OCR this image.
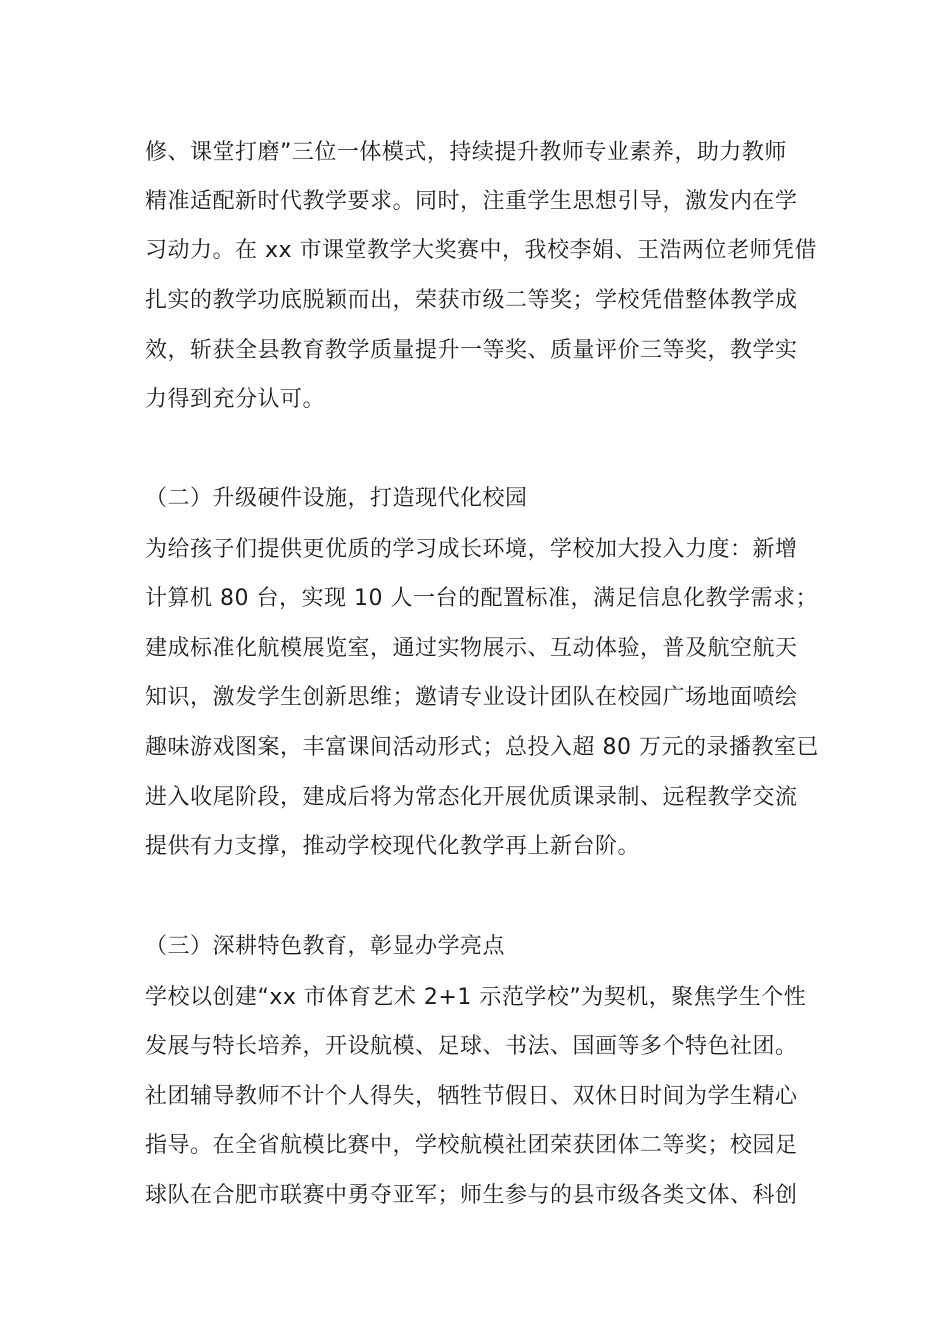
修、课堂打磨”三位一体模式，持续提升教师专业素养，助力教师
精准适配新时代教学要求。同时，注重学生思想引导，激发内在学
习动力。在 xx 市课堂教学大奖赛中，我校李娟、王浩两位老师凭借
扎实的教学功底脱颖而出，荣获市级二等奖；学校凭借整体教学成
效，斩获全县教育教学质量提升一等奖、质量评价三等奖，教学实
力得到充分认可。
（二）升级硬件设施，打造现代化校园
为给孩子们提供更优质的学习成长环境，学校加大投入力度：新增
计算机 80 台，实现 10 人一台的配置标准，满足信息化教学需求；
建成标准化航模展览室，通过实物展示、互动体验，普及航空航天
知识，激发学生创新思维；邀请专业设计团队在校园广场地面喷绘
趣味游戏图案，丰富课间活动形式；总投入超 80 万元的录播教室已
进入收尾阶段，建成后将为常态化开展优质课录制、远程教学交流
提供有力支撑，推动学校现代化教学再上新台阶。
（三）深耕特色教育，彰显办学亮点
学校以创建“xx 市体育艺术 2+1 示范学校”为契机，聚焦学生个性
发展与特长培养，开设航模、足球、书法、国画等多个特色社团。
社团辅导教师不计个人得失，牺牲节假日、双休日时间为学生精心
指导。在全省航模比赛中，学校航模社团荣获团体二等奖；校园足
球队在合肥市联赛中勇夺亚军；师生参与的县市级各类文体、科创
